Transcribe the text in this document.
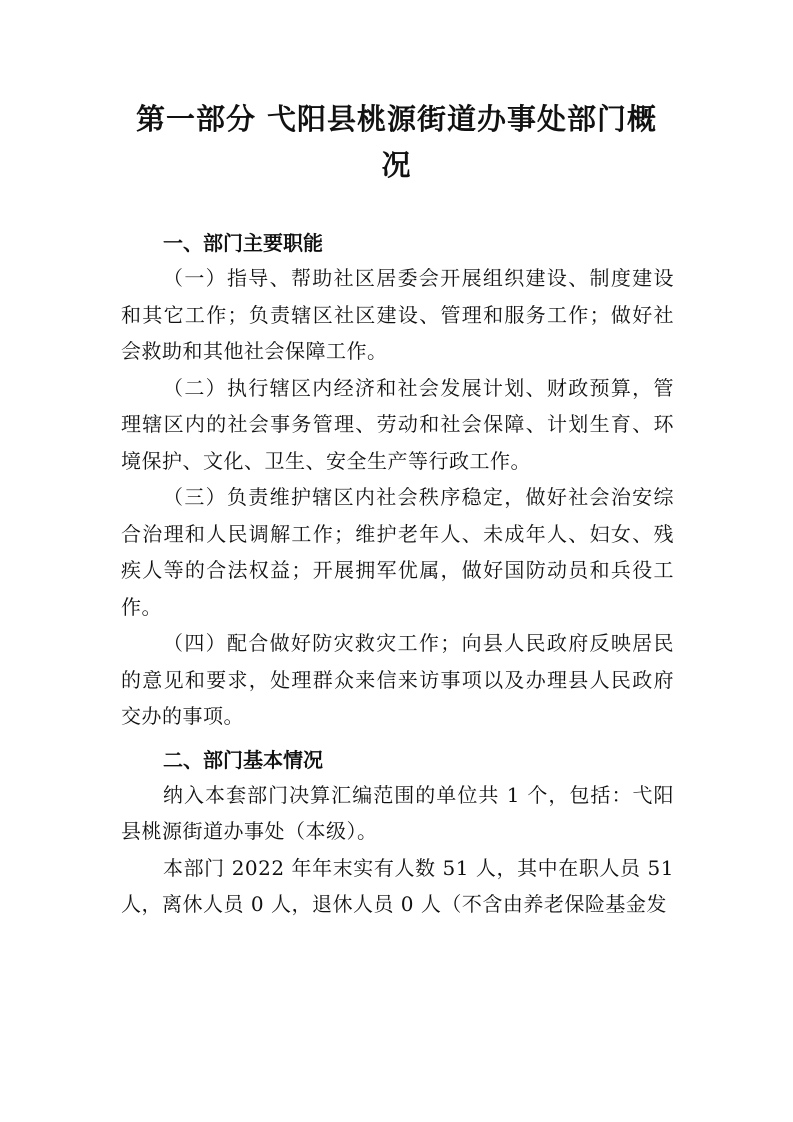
第一部分 弋阳县桃源街道办事处部门概
况

一、部门主要职能

（一）指导、帮助社区居委会开展组织建设、制度建设和其它工作；负责辖区社区建设、管理和服务工作；做好社会救助和其他社会保障工作。

（二）执行辖区内经济和社会发展计划、财政预算，管理辖区内的社会事务管理、劳动和社会保障、计划生育、环境保护、文化、卫生、安全生产等行政工作。

（三）负责维护辖区内社会秩序稳定，做好社会治安综合治理和人民调解工作；维护老年人、未成年人、妇女、残疾人等的合法权益；开展拥军优属，做好国防动员和兵役工作。

（四）配合做好防灾救灾工作；向县人民政府反映居民的意见和要求，处理群众来信来访事项以及办理县人民政府交办的事项。

二、部门基本情况

纳入本套部门决算汇编范围的单位共 1 个，包括：弋阳县桃源街道办事处（本级）。

本部门 2022 年年末实有人数 51 人，其中在职人员 51 人，离休人员 0 人，退休人员 0 人（不含由养老保险基金发
